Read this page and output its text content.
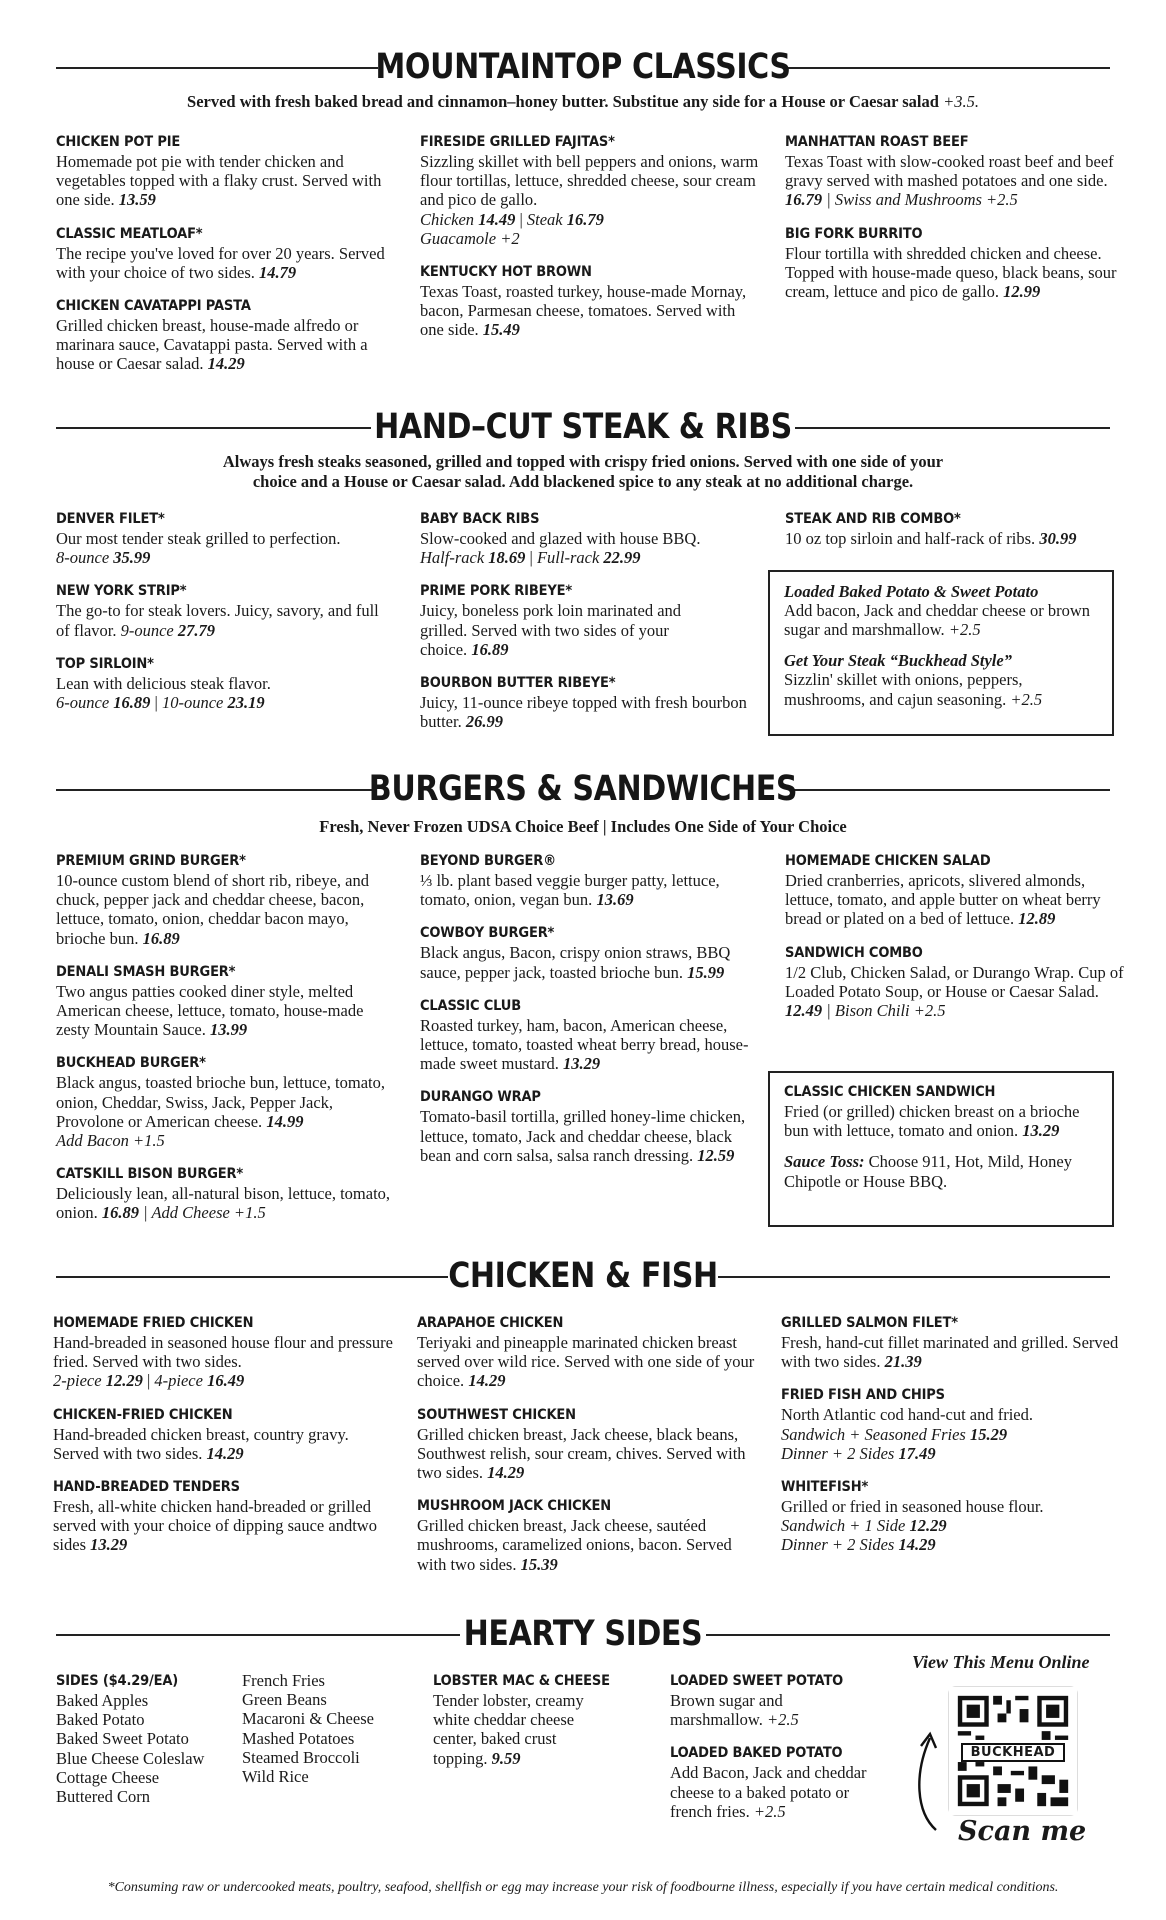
MOUNTAINTOP CLASSICS
Served with fresh baked bread and cinnamon–honey butter. Substitue any side for a House or Caesar salad +3.5.
CHICKEN POT PIE
Homemade pot pie with tender chicken and vegetables topped with a flaky crust. Served with one side. 13.59
CLASSIC MEATLOAF*
The recipe you've loved for over 20 years. Served with your choice of two sides. 14.79
CHICKEN CAVATAPPI PASTA
Grilled chicken breast, house-made alfredo or marinara sauce, Cavatappi pasta. Served with a house or Caesar salad. 14.29
FIRESIDE GRILLED FAJITAS*
Sizzling skillet with bell peppers and onions, warm flour tortillas, lettuce, shredded cheese, sour cream and pico de gallo.
Chicken 14.49 | Steak 16.79
Guacamole +2
KENTUCKY HOT BROWN
Texas Toast, roasted turkey, house-made Mornay, bacon, Parmesan cheese, tomatoes. Served with one side. 15.49
MANHATTAN ROAST BEEF
Texas Toast with slow-cooked roast beef and beef gravy served with mashed potatoes and one side. 16.79 | Swiss and Mushrooms +2.5
BIG FORK BURRITO
Flour tortilla with shredded chicken and cheese. Topped with house-made queso, black beans, sour cream, lettuce and pico de gallo. 12.99
HAND–CUT STEAK & RIBS
Always fresh steaks seasoned, grilled and topped with crispy fried onions. Served with one side of your
choice and a House or Caesar salad. Add blackened spice to any steak at no additional charge.
DENVER FILET*
Our most tender steak grilled to perfection.
8-ounce 35.99
NEW YORK STRIP*
The go-to for steak lovers. Juicy, savory, and full of flavor. 9-ounce 27.79
TOP SIRLOIN*
Lean with delicious steak flavor.
6-ounce 16.89 | 10-ounce 23.19
BABY BACK RIBS
Slow-cooked and glazed with house BBQ.
Half-rack 18.69 | Full-rack 22.99
PRIME PORK RIBEYE*
Juicy, boneless pork loin marinated and grilled. Served with two sides of your choice. 16.89
BOURBON BUTTER RIBEYE*
Juicy, 11-ounce ribeye topped with fresh bourbon butter. 26.99
STEAK AND RIB COMBO*
10 oz top sirloin and half-rack of ribs. 30.99
Loaded Baked Potato & Sweet Potato
Add bacon, Jack and cheddar cheese or brown sugar and marshmallow. +2.5
Get Your Steak “Buckhead Style”
Sizzlin' skillet with onions, peppers, mushrooms, and cajun seasoning. +2.5
BURGERS & SANDWICHES
Fresh, Never Frozen UDSA Choice Beef | Includes One Side of Your Choice
PREMIUM GRIND BURGER*
10-ounce custom blend of short rib, ribeye, and chuck, pepper jack and cheddar cheese, bacon, lettuce, tomato, onion, cheddar bacon mayo, brioche bun. 16.89
DENALI SMASH BURGER*
Two angus patties cooked diner style, melted American cheese, lettuce, tomato, house-made zesty Mountain Sauce. 13.99
BUCKHEAD BURGER*
Black angus, toasted brioche bun, lettuce, tomato, onion, Cheddar, Swiss, Jack, Pepper Jack, Provolone or American cheese. 14.99
Add Bacon +1.5
CATSKILL BISON BURGER*
Deliciously lean, all-natural bison, lettuce, tomato, onion. 16.89 | Add Cheese +1.5
BEYOND BURGER®
⅓ lb. plant based veggie burger patty, lettuce, tomato, onion, vegan bun. 13.69
COWBOY BURGER*
Black angus, Bacon, crispy onion straws, BBQ sauce, pepper jack, toasted brioche bun. 15.99
CLASSIC CLUB
Roasted turkey, ham, bacon, American cheese, lettuce, tomato, toasted wheat berry bread, house-made sweet mustard. 13.29
DURANGO WRAP
Tomato-basil tortilla, grilled honey-lime chicken, lettuce, tomato, Jack and cheddar cheese, black bean and corn salsa, salsa ranch dressing. 12.59
HOMEMADE CHICKEN SALAD
Dried cranberries, apricots, slivered almonds, lettuce, tomato, and apple butter on wheat berry bread or plated on a bed of lettuce. 12.89
SANDWICH COMBO
1/2 Club, Chicken Salad, or Durango Wrap. Cup of Loaded Potato Soup, or House or Caesar Salad. 12.49 | Bison Chili +2.5
CLASSIC CHICKEN SANDWICH
Fried (or grilled) chicken breast on a brioche bun with lettuce, tomato and onion. 13.29
Sauce Toss: Choose 911, Hot, Mild, Honey Chipotle or House BBQ.
CHICKEN & FISH
HOMEMADE FRIED CHICKEN
Hand-breaded in seasoned house flour and pressure fried. Served with two sides.
2-piece 12.29 | 4-piece 16.49
CHICKEN-FRIED CHICKEN
Hand-breaded chicken breast, country gravy. Served with two sides. 14.29
HAND-BREADED TENDERS
Fresh, all-white chicken hand-breaded or grilled served with your choice of dipping sauce andtwo sides 13.29
ARAPAHOE CHICKEN
Teriyaki and pineapple marinated chicken breast served over wild rice. Served with one side of your choice. 14.29
SOUTHWEST CHICKEN
Grilled chicken breast, Jack cheese, black beans, Southwest relish, sour cream, chives. Served with two sides. 14.29
MUSHROOM JACK CHICKEN
Grilled chicken breast, Jack cheese, sautéed mushrooms, caramelized onions, bacon. Served with two sides. 15.39
GRILLED SALMON FILET*
Fresh, hand-cut fillet marinated and grilled. Served with two sides. 21.39
FRIED FISH AND CHIPS
North Atlantic cod hand-cut and fried.
Sandwich + Seasoned Fries 15.29
Dinner + 2 Sides 17.49
WHITEFISH*
Grilled or fried in seasoned house flour.
Sandwich + 1 Side 12.29
Dinner + 2 Sides 14.29
HEARTY SIDES
SIDES ($4.29/EA)
Baked Apples
Baked Potato
Baked Sweet Potato
Blue Cheese Coleslaw
Cottage Cheese
Buttered Corn
French Fries
Green Beans
Macaroni & Cheese
Mashed Potatoes
Steamed Broccoli
Wild Rice
LOBSTER MAC & CHEESE
Tender lobster, creamy white cheddar cheese center, baked crust topping. 9.59
LOADED SWEET POTATO
Brown sugar and marshmallow. +2.5
LOADED BAKED POTATO
Add Bacon, Jack and cheddar cheese to a baked potato or french fries. +2.5
View This Menu Online
BUCKHEAD
Scan me
*Consuming raw or undercooked meats, poultry, seafood, shellfish or egg may increase your risk of foodbourne illness, especially if you have certain medical conditions.
